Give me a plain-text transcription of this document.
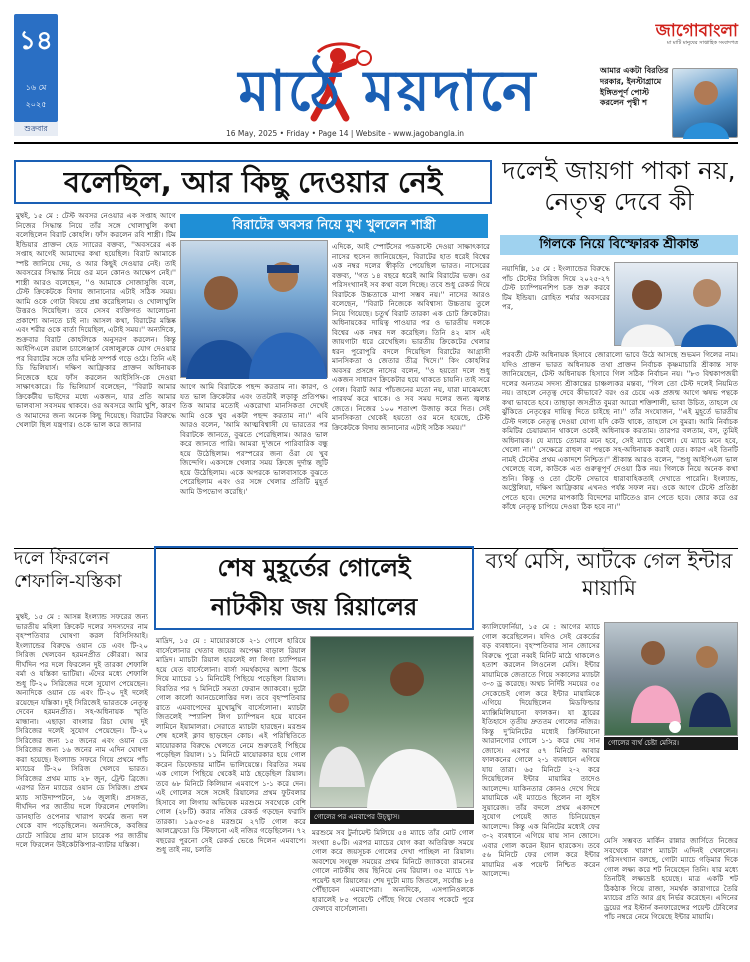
১৪
১৬ মে
২০২৫
শুক্রবার
মাঠে ময়দানে
16 May, 2025 • Friday • Page 14 | Website - www.jagobangla.in
জাগোবাংলা
মা মাটি মানুষের সাপ্তাহিক সংবাদপত্র
আমার একটা বিরতির দরকার, ইনস্টাগ্রামে ইঙ্গিতপূর্ণ পোস্ট করলেন পৃথ্বী শ
বলেছিল, আর কিছু দেওয়ার নেই
মুম্বই, ১৫ মে : টেস্ট অবসর নেওয়ার এক সপ্তাহ আগে নিজের সিদ্ধান্ত নিয়ে তাঁর সঙ্গে খোলাখুলি কথা বলেছিলেন বিরাট কোহলি। ফাঁস করলেন রবি শাস্ত্রী। টিম ইন্ডিয়ার প্রাক্তন হেড স্যারের বক্তব্য, ''অবসরের এক সপ্তাহ আগেই আমাদের কথা হয়েছিল। বিরাট আমাকে স্পষ্ট জানিয়ে দেয়, ও আর কিছুই দেওয়ার নেই। তাই অবসরের সিদ্ধান্ত নিয়ে ওর মনে কোনও আক্ষেপ নেই।'' শাস্ত্রী আরও বলেছেন, ''ও আমাকে সোজাসুজি বলে, টেস্ট ক্রিকেটকে বিদায় জানানোর এটাই সঠিক সময়। আমি ওকে গোটা বিষয়ে প্রশ্ন করেছিলাম। ও খোলাখুলি উত্তরও দিয়েছিল। তবে সেসব ব্যক্তিগত আলোচনা প্রকাশ্যে আনতে চাই না। আসল কথা, বিরাটের মস্তিষ্ক এবং শরীর ওকে বার্তা দিয়েছিল, এটাই সময়।'' অন্যদিকে, শুক্রবার বিরাট কোহলিকে অনুসরণ করলেন। কিন্তু আইপিএলে রয়াল চ্যালেঞ্জার্স বেঙ্গালুরুকে যোগ দেওয়ার পর বিরাটের সঙ্গে তাঁর ঘনিষ্ঠ সম্পর্ক গড়ে ওঠে। তিনি এই ডি ভিলিয়ার্স। দক্ষিণ আফ্রিকার প্রাক্তন অধিনায়ক নিজেকে হয়ে ফাঁস করলেন আইসিসি-কে দেওয়া সাক্ষাৎকারে। ডি ভিলিয়ার্স বলেছেন, ''বিরাট আমার ক্রিকেটীয় ভাইদের মধ্যে একজন, যার প্রতি আমার ভালবাসা সবসময় থাকবে। ওর অবসরে আমি খুশি, কারণ ও আমাদের জন্য অনেক কিছু দিয়েছে। বিরাটের বিরুদ্ধে খেলাটা ছিল যন্ত্রণার। ওকে ভাল করে জানার
বিরাটের অবসর নিয়ে মুখ খুললেন শাস্ত্রী
আগে আমি বিরাটকে পছন্দ করতাম না। কারণ, ও যত ভাল ক্রিকেটার এবং ততটাই লড়াকু প্রতিপক্ষ। তিক আমার মতোই একরোখা মানসিকতা দেখেই আমি ওকে খুব একটা পছন্দ করতাম না।'' এবি আরও বলেন, 'আমি আত্মবিশ্বাসী যে ভারতের পর বিরাটকে জানতে, বুঝতে পেরেছিলাম। আরও ভাল করে জানতে পারি। আমরা দু'জনে পারিবারিক বন্ধু হয়ে উঠেছিলাম। পরস্পরের জন্য ওঁরা যে খুব জিন্দেগি। একসঙ্গে খেলার সময় ক্রিজে দুর্দান্ত জুটি হয়ে উঠেছিলাম। একে অপরকে ভালবাসাকে বুঝতে পেরেছিলাম এবং ওর সঙ্গে খেলার প্রতিটি মুহূর্ত আমি উপভোগ করেছি।'
এদিকে, আই স্পোর্টসের পডকাস্টে দেওয়া সাক্ষাৎকারে নাসের হুসেন জানিয়েছেন, বিরাটের হাত ধরেই বিশ্বের এক নম্বর দলের স্বীকৃতি পেয়েছিল ভারত। নাসেরের বক্তব্য, ''গত ১৪ বছরে ধরেই আমি বিরাটের ভক্ত। ওর পরিসংখ্যানই সব কথা বলে দিচ্ছে। তবে শুধু রেকর্ড দিয়ে বিরাটকে উচ্চতাকে মাপা সম্ভব নয়।'' নাসের আরও বলেছেন, ''বিরাট নিজেকে অবিশ্বাস্য উচ্চতায় তুলে নিয়ে গিয়েছে। চতুর্থ বিরাট তারকা এক চোট ক্রিকেটার। অধিনায়কের দায়িত্ব পাওয়ার পর ও ভারতীয় দলকে বিশ্বের এক নম্বর দল করেছিল। তিনি ৪২ মাস এই জায়গাটা ধরে রেখেছিল। ভারতীয় ক্রিকেটের খেলার ধরন পুরোপুরি বদলে দিয়েছিল বিরাটের আগ্রাসী মানসিকতা ও জেতার তীব্র খিদে।'' কিং কোহলির অবসর প্রসঙ্গে নাসের বলেন, ''ও হয়তো দলে শুধু একজন সাধারণ ক্রিকেটার হয়ে থাকতে চায়নি। তাই সরে গেল। বিরাট আর পাঁচজনের মতো নয়, যারা মাঝেমধ্যে পারফর্ম করে থাকে। ও সব সময় দলের জন্য জ্বলন্ত জেতে। নিজের ১০০ শতাংশ উজাড় করে দিত। সেই মানসিকতা থেকেই হয়তো ওর মনে হয়েছে, টেস্ট ক্রিকেটকে বিদায় জানানোর এটাই সঠিক সময়।''
দলেই জায়গা পাকা নয়, নেতৃত্ব দেবে কী
গিলকে নিয়ে বিস্ফোরক শ্রীকান্ত
নয়াদিল্লি, ১৫ মে : ইংল্যান্ডের বিরুদ্ধে পাঁচ টেস্টের সিরিজ দিয়ে ২০২৫-২৭ টেস্ট চ্যাম্পিয়নশিপ চক্র শুরু করবে টিম ইন্ডিয়া। রোহিত শর্মার অবসরের পর,
পরবর্তী টেস্ট অধিনায়ক হিসাবে জোরালো ভাবে উঠে আসছে শুভমন গিলের নাম। যদিও প্রাক্তন ভারত অধিনায়ক তথা প্রাক্তন নির্বাচক কৃষ্ণমাচারি শ্রীকান্ত সাফ জানিয়েছেন, টেস্ট অধিনায়ক হিসাবে গিল সঠিক নির্বাচন নয়। ''৮৩ বিশ্বকাপজয়ী দলের অন্যতম সদস্য শ্রীকান্তের চাঞ্চল্যকর মন্তব্য, ''গিল তো টেস্ট দলেই নিয়মিত নয়। তাহলে নেতৃত্ব দেবে কীভাবে? বরং ওর চেয়ে এক প্রজন্ম আগে ঋষভ পন্থকে কথা ভাবতে হবে। তাছাড়া জসপ্রীত বুমরা আরো শক্তিশালী, ভাবা উচিত, তাহলে যে ঝুঁকিতে নেতৃত্বের দায়িত্ব দিতে চাইছে না।'' তাঁর সংযোজন, ''এই মুহূর্তে ভারতীয় টেস্ট দলকে নেতৃত্ব দেওয়া যোগ্য যদি কেউ থাকে, তাহলে সে বুমরা। আমি নির্বাচক কমিটির চেয়ারম্যান থাকলে ওকেই অধিনায়ক করতাম। তারপর বলতাম, বস, তুমিই অধিনায়ক। যে ম্যাচে তোমার মনে হবে, সেই ম্যাচে খেলো। যে ম্যাচে মনে হবে, খেলো না।'' সেক্ষেত্রে রাহুল বা পন্থকে সহ-অধিনায়ক করাই যেত। কারণ এই তিনটি নামই টেস্টের প্রথম একাদশে নিশ্চিত।'' শ্রীকান্ত আরও বলেন, ''শুধু আইপিএল ভাল খেলেছে বলে, কাউকে এত গুরুত্বপূর্ণ দেওয়া ঠিক নয়। গিলকে নিয়ে অনেক কথা শুনি। কিন্তু ও তো টেস্টে সেভাবে ধারাবাহিকতাই দেখাতে পারেনি। ইংল্যান্ড, অস্ট্রেলিয়া, দক্ষিণ আফ্রিকায় এখনও পর্যন্ত সফল নয়। ওকে আগে টেস্টে প্রতিষ্ঠা পেতে হবে। দেশের মাপকাঠি বিদেশের মাটিতেও রান পেতে হবে। জোর করে ওর কাঁধে নেতৃত্ব চাপিয়ে দেওয়া ঠিক হবে না।''
দলে ফিরলেন শেফালি-যস্তিকা
মুম্বই, ১৫ মে : আসন্ন ইংল্যান্ড সফরের জন্য ভারতীয় মহিলা ক্রিকেট দলের সদস্যদের নাম বৃহস্পতিবার ঘোষণা করল বিসিসিআই। ইংল্যান্ডের বিরুদ্ধে ওয়ান ডে এবং টি-২০ সিরিজ খেলবেন হরমনপ্রীত কৌররা। আর দীর্ঘদিন পর দলে ফিরলেন দুই তারকা শেফালি বর্মা ও যস্তিকা ভাটিয়া। এঁদের মধ্যে শেফালি শুধু টি-২০ সিরিজের দলে সুযোগ পেয়েছেন। অন্যদিকে ওয়ান ডে এবং টি-২০ দুই দলেই রয়েছেন যস্তিকা। দুই সিরিজেই ভারতকে নেতৃত্ব দেবেন হরমনপ্রীত। সহ-অধিনায়ক স্মৃতি মান্ধানা। এছাড়া বাংলার রিচা ঘোষ দুই সিরিজের দলেই সুযোগ পেয়েছেন। টি-২০ সিরিজের জন্য ১৫ জনের এবং ওয়ান ডে সিরিজের জন্য ১৬ জনের নাম এদিন ঘোষণা করা হয়েছে। ইংল্যান্ড সফরে গিয়ে প্রথমে পাঁচ ম্যাচের টি-২০ সিরিজ খেলবে ভারত। সিরিজের প্রথম ম্যাচ ২৮ জুন, ট্রেন্ট ব্রিজে। এরপর তিন ম্যাচের ওয়ান ডে সিরিজ। প্রথম ম্যাচ সাউদাম্পটনে, ১৬ জুলাই। প্রসঙ্গত, দীর্ঘদিন পর জাতীয় দলে ফিরলেন শেফালি। ডানহাতি ওপেনার খারাপ ফর্মের জন্য দল থেকে বাদ পড়েছিলেন। অন্যদিকে, কবজির চোটে সারিয়ে প্রায় মাস চারেক পর জাতীয় দলে ফিরলেন উইকেটকিপার-ব্যাটার যস্তিকা।
শেষ মুহূর্তের গোলেই
নাটকীয় জয় রিয়ালের
মাদ্রিদ, ১৫ মে : মায়োরকাকে ২-১ গোলে হারিয়ে বার্সেলোনার খেতাব জয়ের অপেক্ষা বাড়াল রিয়াল মাদ্রিদ। ম্যাচটা রিয়াল হারলেই লা লিগা চ্যাম্পিয়ন হয়ে যেত বার্সেলোনা। বার্সা সমর্থকদের আশা উস্কে দিয়ে ম্যাচের ১১ মিনিটেই পিছিয়ে পড়েছিল রিয়াল। বিরতির পর ৭ মিনিটে সমতা ফেরান জ্যাকবো। দুটো গোল কার্লো আনচেলোত্তির দল। তবে বৃহস্পতিবার রাতে এমবাপেদের মুখোমুখি বার্সেলোনা। ম্যাচটা জিতলেই স্প্যানিশ লিগ চ্যাম্পিয়ন হয়ে যাবেন লামিনে ইয়ামালরা। সেরাতে ম্যাচটা হারছেন। মরশুম শেষ হলেই ক্লাব ছাড়ছেন কোচ। এই পরিস্থিতিতে মায়োরকার বিরুদ্ধে খেলতে নেমে শুরুতেই পিছিয়ে পড়েছিল রিয়াল। ১১ মিনিটে মায়োরকার হয়ে গোল করেন ডিফেন্ডার মার্টিন ভালিয়েন্তে। বিরতির সময় এক গোলে পিছিয়ে থেকেই মাঠ ছেড়েছিল রিয়াল। তবে ৬৮ মিনিটে কিলিয়ান এমবাপে ১-১ করে দেন। এই গোলের সঙ্গে সঙ্গেই রিয়ালের প্রথম ফুটবলার হিসাবে লা লিগায় অভিষেক মরশুমে সবথেকে বেশি গোল (২৮টি) করার নজির রেকর্ড গড়ছেন ফরাসি তারকা। ১৯৫৩-৫৪ মরশুমে ২৭টি গোল করে আলফ্রেডো ডি স্টিফানো এই নজির গড়েছিলেন। ৭২ বছরের পুরনো সেই রেকর্ড ভেঙে দিলেন এমবাপে। শুধু তাই নয়, চলতি
গোলের পর এমবাপের উচ্ছ্বাস।
মরশুমে সব টুর্নামেন্ট মিলিয়ে ৫৪ ম্যাচে তাঁর মোট গোল সংখ্যা ৪০টি। এরপর ম্যাচের যোগ করা অতিরিক্ত সময়ে গোল করে জয়সূচক গোলের দেখা পাচ্ছিল না রিয়াল। অবশেষে সংযুক্ত সময়ের প্রথম মিনিটে জ্যাকবো রামনের গোলে নাটকীয় জয় ছিনিয়ে নেয় রিয়াল। ৩৫ ম্যাচে ৭৮ পয়েন্ট হল রিয়ালের। শেষ দুটো ম্যাচ জিতলে, সর্বোচ্চ ৮৪ পৌঁছাবেন এমবাপেরা। অন্যদিকে, এসপানিওলকে হারালেই ৮৫ পয়েন্টে পৌঁছে গিয়ে খেতাব পকেটে পুরে ফেলবে বার্সেলোনা।
ব্যর্থ মেসি, আটকে গেল ইন্টার মায়ামি
ক্যালিফোর্নিয়া, ১৫ মে : আগের ম্যাচে গোল করেছিলেন। যদিও সেই রেকর্ডের বড় ব্যবধানে। বৃহস্পতিবার সান জোসের বিরুদ্ধে পুরো নব্বই মিনিট মাঠে থাকলেও হতাশ করলেন লিওনেল মেসি। ইন্টার মায়ামিকে জেতাতে গিয়ে সকালের ম্যাচটা ৩-৩ ড্র করেছে। অথচ নির্দিষ্ট সময়ের ৩৫ সেকেন্ডেই গোল করে ইন্টার মায়ামিকে এগিয়ে দিয়েছিলেন মিডফিল্ডার ম্যাক্সিমিলিয়ানো ফালকন। যা হ্রারের ইতিহাসে তৃতীয় দ্রুততম গোলের নজির। কিন্তু দু'মিনিটের মধ্যেই ক্রিস্টিয়ানো আরানগোর গোলে ১-১ করে দেয় সান জোসে। এরপর ৫৭ মিনিটে আবার ফালকনের গোলে ২-১ ব্যবধানে এগিয়ে যায় তারা। ৬৫ মিনিটে ২-২ করে দিয়েছিলেন ইন্টার মায়ামির তাদেও আলেন্দে। যাকিনতার কোনও দেখে দিয়ে মায়ামিকে এই ম্যাচেও ছিলেন না লুইস সুয়ারেজ। তাঁর বদলে প্রথম একাদশে সুযোগ পেয়েই জাত চিনিয়েছেন আলেন্দে। কিন্তু এক মিনিটের মধ্যেই ফের ৩-২ ব্যবধানে এগিয়ে যায় সান জোসে। এবার গোল করেন ইয়ান হারকেস। তবে ৫৬ মিনিটে ফের গোল করে ইন্টার মায়ামির এক পয়েন্ট নিশ্চিত করেন আলেন্দে।
গোলের ব্যর্থ চেষ্টা মেসির।
মেসি সম্ভবত মার্কিন রান্নার জার্সিতে নিজের সবথেকে খারাপ ম্যাচটা এদিনই খেললেন। পরিসংখ্যান বলছে, গোটা ম্যাচে গড়িমার দিকে গোল লক্ষ্য করে শট নিয়েছেন তিনি। যার মধ্যে তিনটিই লক্ষ্যভ্রষ্ট হয়েছে। মাত্র একটি শট ঠিকঠাক গিয়ে রাজা, সমর্থক কারাগারে তৈরি ম্যাচের প্রতি আর গ্রহ নির্ভর করেছেন। এদিনের ড্রয়ের পর ইস্টার্ন কনফারেন্সের পয়েন্ট টেবিলের পাঁচ নম্বরে নেমে গিয়েছে ইন্টার মায়ামি।
